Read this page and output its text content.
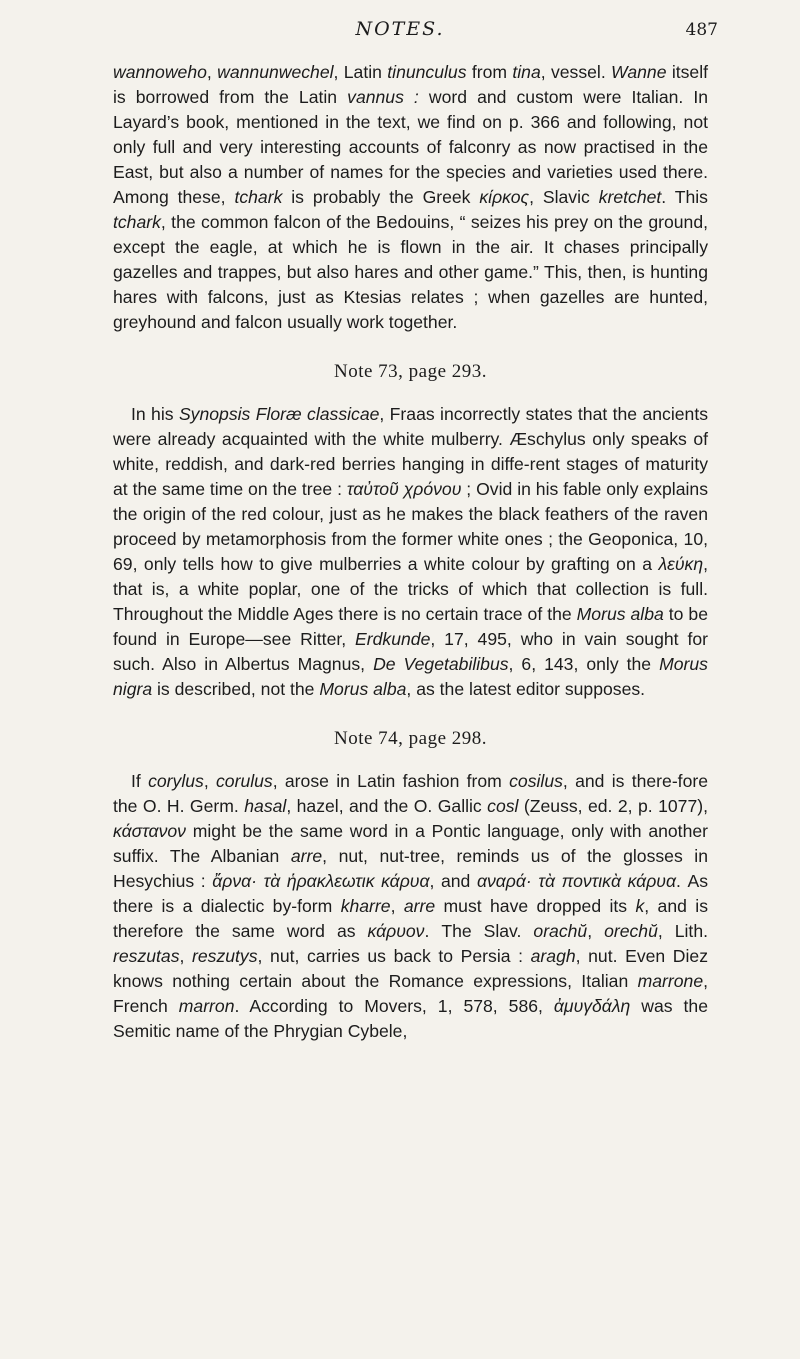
NOTES.	487

wannoweho, wannunwechel, Latin tinunculus from tina, vessel. Wanne itself is borrowed from the Latin vannus : word and custom were Italian. In Layard’s book, mentioned in the text, we find on p. 366 and following, not only full and very interesting accounts of falconry as now practised in the East, but also a number of names for the species and varieties used there. Among these, tchark is probably the Greek κίρκος, Slavic kretchet. This tchark, the common falcon of the Bedouins, “ seizes his prey on the ground, except the eagle, at which he is flown in the air. It chases principally gazelles and trappes, but also hares and other game.” This, then, is hunting hares with falcons, just as Ktesias relates ; when gazelles are hunted, greyhound and falcon usually work together.

Note 73, page 293.

In his Synopsis Floræ classicae, Fraas incorrectly states that the ancients were already acquainted with the white mulberry. Æschylus only speaks of white, reddish, and dark-red berries hanging in diffe-rent stages of maturity at the same time on the tree : ταὐτοῦ χρόνου ; Ovid in his fable only explains the origin of the red colour, just as he makes the black feathers of the raven proceed by metamorphosis from the former white ones ; the Geoponica, 10, 69, only tells how to give mulberries a white colour by grafting on a λεύκη, that is, a white poplar, one of the tricks of which that collection is full. Throughout the Middle Ages there is no certain trace of the Morus alba to be found in Europe—see Ritter, Erdkunde, 17, 495, who in vain sought for such. Also in Albertus Magnus, De Vegetabilibus, 6, 143, only the Morus nigra is described, not the Morus alba, as the latest editor supposes.

Note 74, page 298.

If corylus, corulus, arose in Latin fashion from cosilus, and is there-fore the O. H. Germ. hasal, hazel, and the O. Gallic cosl (Zeuss, ed. 2, p. 1077), κάστανον might be the same word in a Pontic language, only with another suffix. The Albanian arre, nut, nut-tree, reminds us of the glosses in Hesychius : ἄρνα· τὰ ἡρακλεωτικ κάρυα, and αναρά· τὰ ποντικὰ κάρυα. As there is a dialectic by-form kharre, arre must have dropped its k, and is therefore the same word as κάρυον. The Slav. orachŭ, orechŭ, Lith. reszutas, reszutys, nut, carries us back to Persia : aragh, nut. Even Diez knows nothing certain about the Romance expressions, Italian marrone, French marron. According to Movers, 1, 578, 586, ἀμυγδάλη was the Semitic name of the Phrygian Cybele,
